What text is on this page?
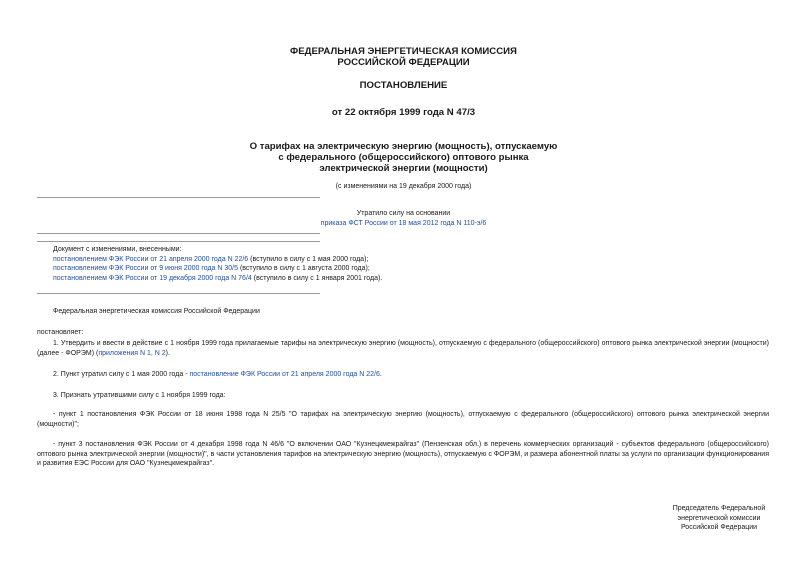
ФЕДЕРАЛЬНАЯ ЭНЕРГЕТИЧЕСКАЯ КОМИССИЯ
РОССИЙСКОЙ ФЕДЕРАЦИИ
ПОСТАНОВЛЕНИЕ
от 22 октября 1999 года N 47/3
О тарифах на электрическую энергию (мощность), отпускаемую
с федерального (общероссийского) оптового рынка
электрической энергии (мощности)
(с изменениями на 19 декабря 2000 года)
Утратило силу на основании
приказа ФСТ России от 18 мая 2012 года N 110-э/6
Документ с изменениями, внесенными:
постановлением ФЭК России от 21 апреля 2000 года N 22/6 (вступило в силу с 1 мая 2000 года);
постановлением ФЭК России от 9 июня 2000 года N 30/5 (вступило в силу с 1 августа 2000 года);
постановлением ФЭК России от 19 декабря 2000 года N 76/4 (вступило в силу с 1 января 2001 года).
Федеральная энергетическая комиссия Российской Федерации
постановляет:

1. Утвердить и ввести в действие с 1 ноября 1999 года прилагаемые тарифы на электрическую энергию (мощность), отпускаемую с федерального (общероссийского) оптового рынка электрической энергии (мощности) (далее - ФОРЭМ) (приложения N 1, N 2).

2. Пункт утратил силу с 1 мая 2000 года - постановление ФЭК России от 21 апреля 2000 года N 22/6.

3. Признать утратившими силу с 1 ноября 1999 года:

- пункт 1 постановления ФЭК России от 18 июня 1998 года N 25/5 "О тарифах на электрическую энергию (мощность), отпускаемую с федерального (общероссийского) оптового рынка электрической энергии (мощности)";

- пункт 3 постановления ФЭК России от 4 декабря 1998 года N 46/6 "О включении ОАО "Кузнецкмежрайгаз" (Пензенская обл.) в перечень коммерческих организаций - субъектов федерального (общероссийского) оптового рынка электрической энергии (мощности)", в части установления тарифов на электрическую энергию (мощность), отпускаемую с ФОРЭМ, и размера абонентной платы за услуги по организации функционирования и развития ЕЭС России для ОАО "Кузнецкмежрайгаз".

Председатель Федеральной
энергетической комиссии
Российской Федерации
